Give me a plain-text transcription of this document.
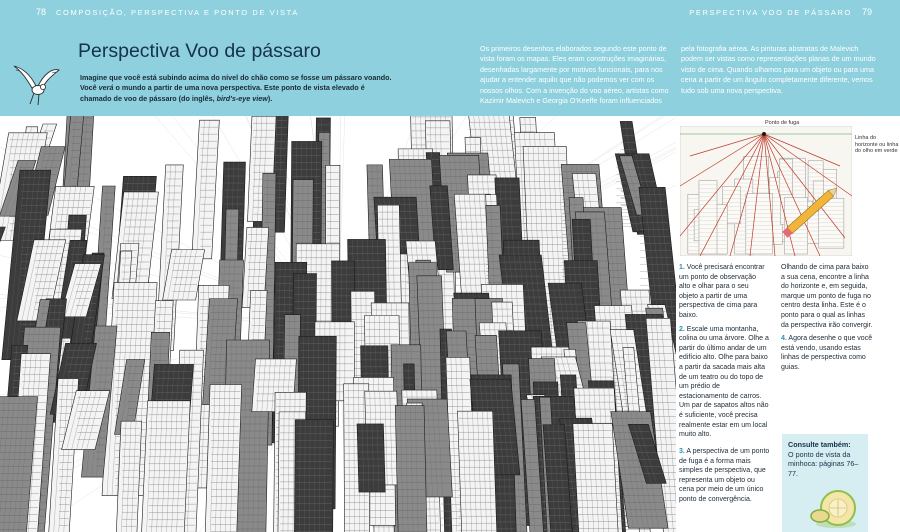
78 COMPOSIÇÃO, PERSPECTIVA E PONTO DE VISTA	PERSPECTIVA VOO DE PÁSSARO 79
Perspectiva Voo de pássaro
Imagine que você está subindo acima do nível do chão como se fosse um pássaro voando. Você verá o mundo a partir de uma nova perspectiva. Este ponto de vista elevado é chamado de voo de pássaro (do inglês, bird's-eye view).
Os primeiros desenhos elaborados segundo este ponto de vista foram os mapas. Eles eram construções imaginárias, desenhadas largamente por motivos funcionais, para nos ajudar a entender aquilo que não podemos ver com os nossos olhos. Com a invenção do voo aéreo, artistas como Kazimir Malevich e Georgia O'Keeffe foram influenciados
pela fotografia aérea. As pinturas abstratas de Malevich podem ser vistas como representações planas de um mundo visto de cima. Quando olhamos para um objeto ou para uma cena a partir de um ângulo completamente diferente, vemos tudo sob uma nova perspectiva.
Ponto de fuga
Linha do horizonte ou linha do olho em verde

1. Você precisará encontrar um ponto de observação alto e olhar para o seu objeto a partir de uma perspectiva de cima para baixo.

2. Escale uma montanha, colina ou uma árvore. Olhe a partir do último andar de um edifício alto. Olhe para baixo a partir da sacada mais alta de um teatro ou do topo de um prédio de estacionamento de carros. Um par de sapatos altos não é suficiente, você precisa realmente estar em um local muito alto.

Olhando de cima para baixo a sua cena, encontre a linha do horizonte e, em seguida, marque um ponto de fuga no centro desta linha. Este é o ponto para o qual as linhas da perspectiva irão convergir.

4. Agora desenhe o que você está vendo, usando estas linhas de perspectiva como guias.

3. A perspectiva de um ponto de fuga é a forma mais simples de perspectiva, que representa um objeto ou cena por meio de um único ponto de convergência.

Consulte também:
O ponto de vista da minhoca: páginas 76–77.
